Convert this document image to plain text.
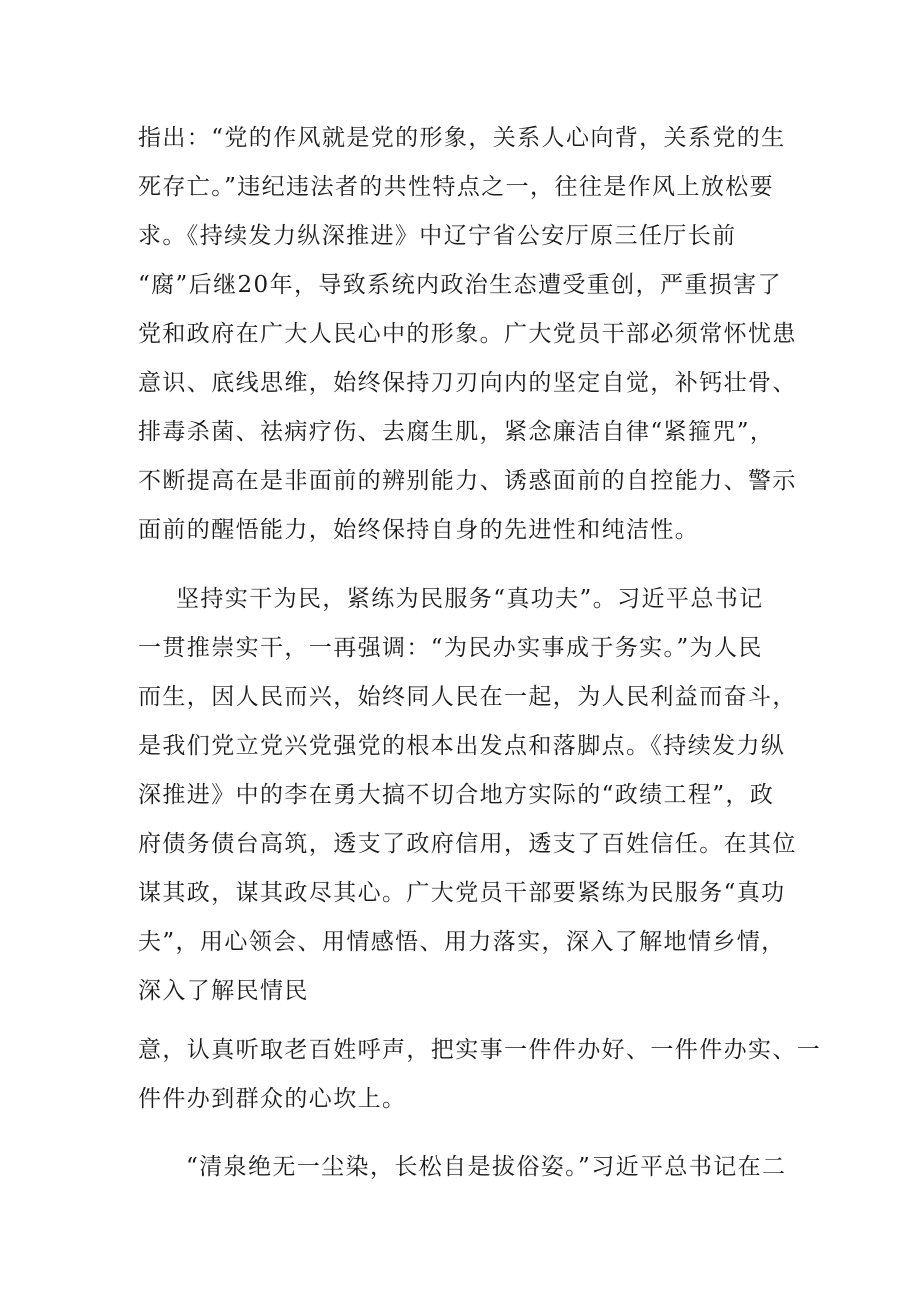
指出：“党的作风就是党的形象，关系人心向背，关系党的生
死存亡。”违纪违法者的共性特点之一，往往是作风上放松要
求。《持续发力纵深推进》中辽宁省公安厅原三任厅长前
“腐”后继20年，导致系统内政治生态遭受重创，严重损害了
党和政府在广大人民心中的形象。广大党员干部必须常怀忧患
意识、底线思维，始终保持刀刃向内的坚定自觉，补钙壮骨、
排毒杀菌、祛病疗伤、去腐生肌，紧念廉洁自律“紧箍咒”，
不断提高在是非面前的辨别能力、诱惑面前的自控能力、警示
面前的醒悟能力，始终保持自身的先进性和纯洁性。
坚持实干为民，紧练为民服务“真功夫”。习近平总书记
一贯推崇实干，一再强调：“为民办实事成于务实。”为人民
而生，因人民而兴，始终同人民在一起，为人民利益而奋斗，
是我们党立党兴党强党的根本出发点和落脚点。《持续发力纵
深推进》中的李在勇大搞不切合地方实际的“政绩工程”，政
府债务债台高筑，透支了政府信用，透支了百姓信任。在其位
谋其政，谋其政尽其心。广大党员干部要紧练为民服务“真功
夫”，用心领会、用情感悟、用力落实，深入了解地情乡情，
深入了解民情民
意，认真听取老百姓呼声，把实事一件件办好、一件件办实、一
件件办到群众的心坎上。
“清泉绝无一尘染，长松自是拔俗姿。”习近平总书记在二
